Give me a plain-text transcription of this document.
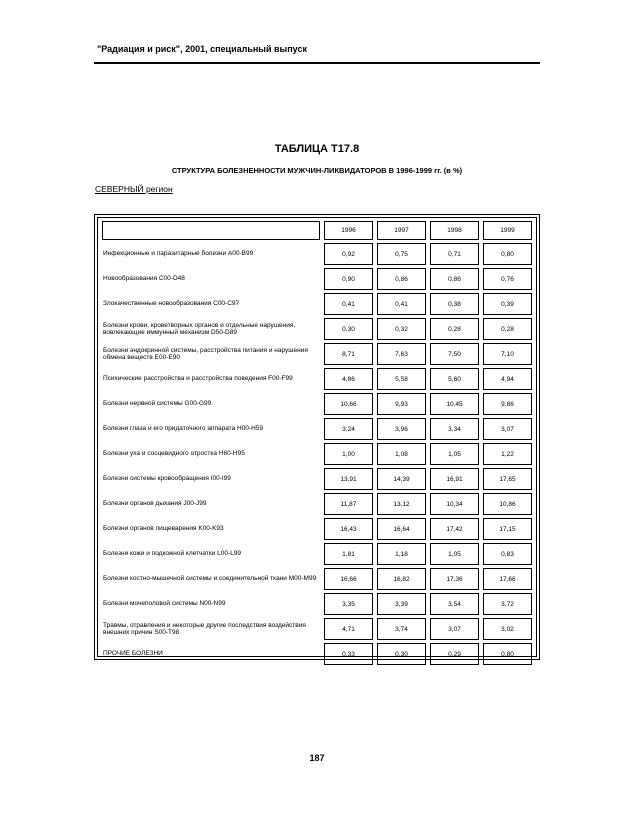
"Радиация и риск", 2001, специальный выпуск
ТАБЛИЦА Т17.8
СТРУКТУРА БОЛЕЗНЕННОСТИ МУЖЧИН-ЛИКВИДАТОРОВ В 1996-1999 гг. (в %)
СЕВЕРНЫЙ регион
	1996	1997	1998	1999
Инфекционные и паразитарные болезни A00-B99	0,92	0,75	0,71	0,80
Новообразования C00-D48	0,90	0,86	0,86	0,76
Злокачественные новообразования C00-C97	0,41	0,41	0,38	0,39
Болезни крови, кроветворных органов и отдельные нарушения, вовлекающие иммунный механизм D50-D89	0,30	0,32	0,28	0,28
Болезни эндокринной системы, расстройства питания и нарушения обмена веществ E00-E90	8,71	7,63	7,50	7,10
Психические расстройства и расстройства поведения F00-F99	4,86	5,58	5,60	4,94
Болезни нервной системы G00-G99	10,66	9,93	10,45	9,86
Болезни глаза и его придаточного аппарата H00-H59	3,24	3,96	3,34	3,07
Болезни уха и сосцевидного отростка H60-H95	1,00	1,08	1,05	1,22
Болезни системы кровообращения I00-I99	13,91	14,39	16,91	17,65
Болезни органов дыхания J00-J99	11,87	13,12	10,34	10,86
Болезни органов пищеварения K00-K93	16,43	16,64	17,42	17,15
Болезни кожи и подкожной клетчатки L00-L99	1,81	1,18	1,05	0,83
Болезни костно-мышечной системы и соединительной ткани M00-M99	16,66	16,82	17,36	17,66
Болезни мочеполовой системы N00-N99	3,35	3,39	3,54	3,72
Травмы, отравления и некоторые другие последствия воздействия внешних причин S00-T98	4,71	3,74	3,07	3,02
ПРОЧИЕ БОЛЕЗНИ	0,33	0,30	0,29	0,80
187
